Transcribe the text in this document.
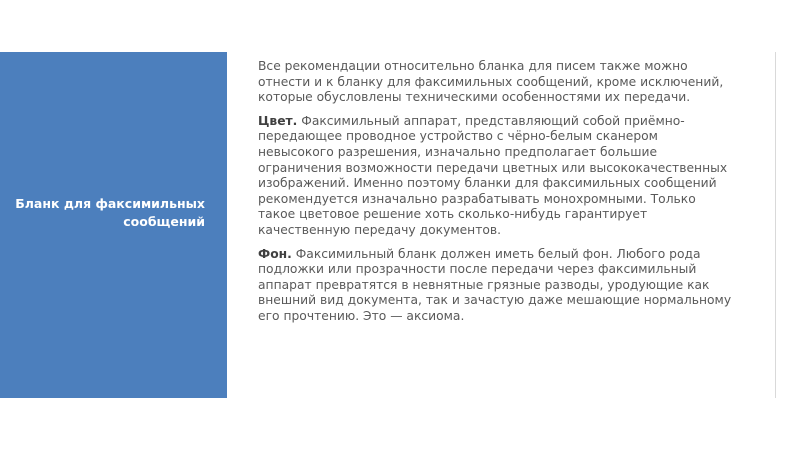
Бланк для факсимильных сообщений

Все рекомендации относительно бланка для писем также можно отнести и к бланку для факсимильных сообщений, кроме исключений, которые обусловлены техническими особенностями их передачи.

Цвет. Факсимильный аппарат, представляющий собой приёмно-передающее проводное устройство с чёрно-белым сканером невысокого разрешения, изначально предполагает большие ограничения возможности передачи цветных или высококачественных изображений. Именно поэтому бланки для факсимильных сообщений рекомендуется изначально разрабатывать монохромными. Только такое цветовое решение хоть сколько-нибудь гарантирует качественную передачу документов.

Фон. Факсимильный бланк должен иметь белый фон. Любого рода подложки или прозрачности после передачи через факсимильный аппарат превратятся в невнятные грязные разводы, уродующие как внешний вид документа, так и зачастую даже мешающие нормальному его прочтению. Это — аксиома.
